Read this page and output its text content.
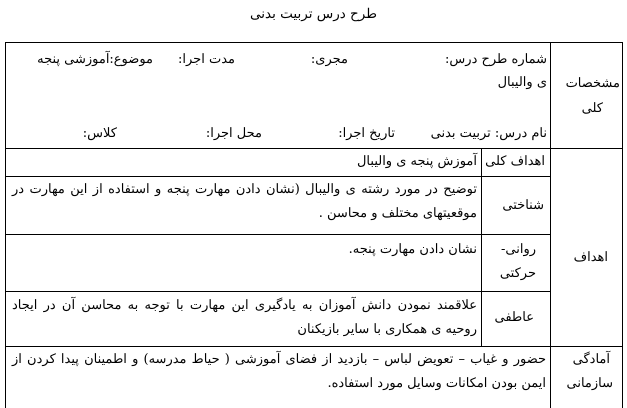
طرح درس تربیت بدنی
مشخصات
کلی
شماره طرح درس:
مجری:
مدت اجرا:
موضوع:آموزشی پنجه
ی والیبال
نام درس: تربیت بدنی
تاریخ اجرا:
محل اجرا:
کلاس:
اهداف
اهداف کلی
آموزش پنجه ی والیبال
شناختی
توضیح در مورد رشته ی والیبال (نشان دادن مهارت پنجه و استفاده از این مهارت در موقعیتهای مختلف و محاسن .
روانی-
حرکتی
نشان دادن مهارت پنجه.
عاطفی
علاقمند نمودن دانش آموزان به یادگیری این مهارت با توجه به محاسن آن در ایجاد روحیه ی همکاری با سایر بازیکنان
آمادگی
سازمانی
حضور و غیاب – تعویض لباس – بازدید از فضای آموزشی ( حیاط مدرسه) و اطمینان پیدا کردن از ایمن بودن امکانات وسایل مورد استفاده.
